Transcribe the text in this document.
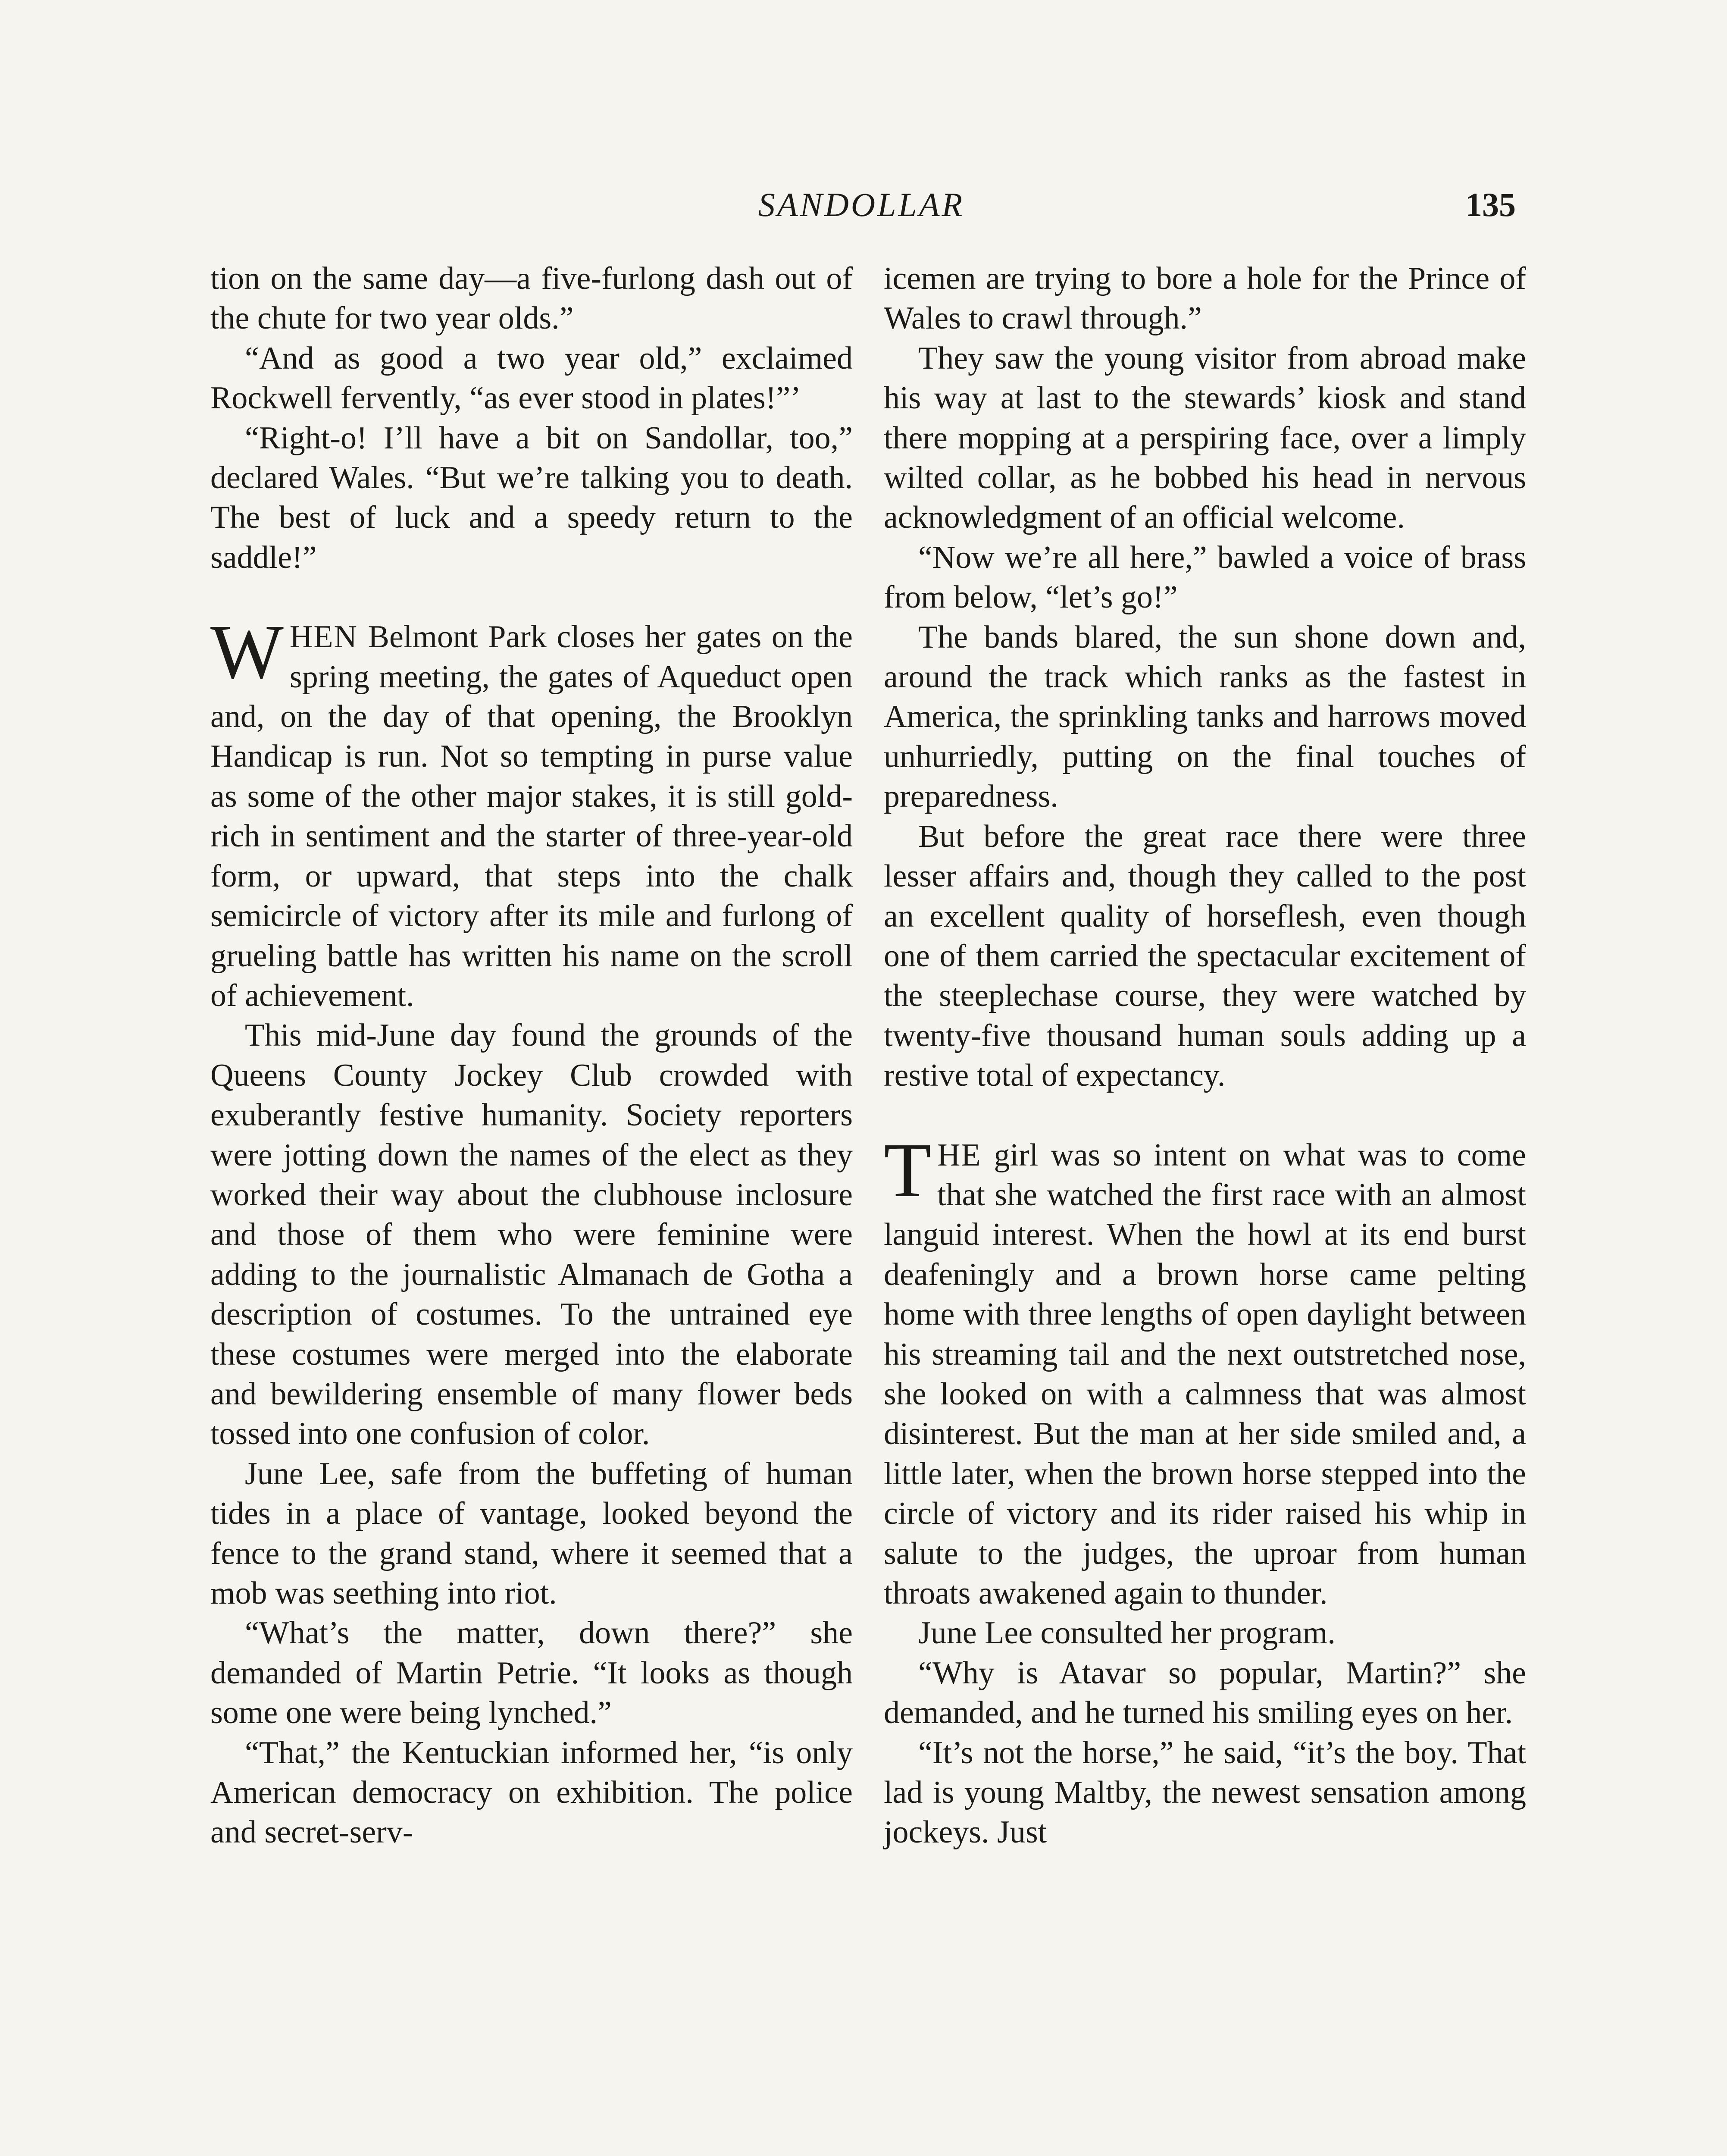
SANDOLLAR	135

tion on the same day—a five-furlong dash out of the chute for two year olds.”

“And as good a two year old,” exclaimed Rockwell fervently, “as ever stood in plates!”’

“Right-o! I’ll have a bit on Sandollar, too,” declared Wales. “But we’re talking you to death. The best of luck and a speedy return to the saddle!”

WHEN Belmont Park closes her gates on the spring meeting, the gates of Aqueduct open and, on the day of that opening, the Brooklyn Handicap is run. Not so tempting in purse value as some of the other major stakes, it is still gold-rich in sentiment and the starter of three-year-old form, or upward, that steps into the chalk semicircle of victory after its mile and furlong of grueling battle has written his name on the scroll of achievement.

This mid-June day found the grounds of the Queens County Jockey Club crowded with exuberantly festive humanity. Society reporters were jotting down the names of the elect as they worked their way about the clubhouse inclosure and those of them who were feminine were adding to the journalistic Almanach de Gotha a description of costumes. To the untrained eye these costumes were merged into the elaborate and bewildering ensemble of many flower beds tossed into one confusion of color.

June Lee, safe from the buffeting of human tides in a place of vantage, looked beyond the fence to the grand stand, where it seemed that a mob was seething into riot.

“What’s the matter, down there?” she demanded of Martin Petrie. “It looks as though some one were being lynched.”

“That,” the Kentuckian informed her, “is only American democracy on exhibition. The police and secret-serv-

icemen are trying to bore a hole for the Prince of Wales to crawl through.”

They saw the young visitor from abroad make his way at last to the stewards’ kiosk and stand there mopping at a perspiring face, over a limply wilted collar, as he bobbed his head in nervous acknowledgment of an official welcome.

“Now we’re all here,” bawled a voice of brass from below, “let’s go!”

The bands blared, the sun shone down and, around the track which ranks as the fastest in America, the sprinkling tanks and harrows moved unhurriedly, putting on the final touches of preparedness.

But before the great race there were three lesser affairs and, though they called to the post an excellent quality of horseflesh, even though one of them carried the spectacular excitement of the steeplechase course, they were watched by twenty-five thousand human souls adding up a restive total of expectancy.

THE girl was so intent on what was to come that she watched the first race with an almost languid interest. When the howl at its end burst deafeningly and a brown horse came pelting home with three lengths of open daylight between his streaming tail and the next outstretched nose, she looked on with a calmness that was almost disinterest. But the man at her side smiled and, a little later, when the brown horse stepped into the circle of victory and its rider raised his whip in salute to the judges, the uproar from human throats awakened again to thunder.

June Lee consulted her program.

“Why is Atavar so popular, Martin?” she demanded, and he turned his smiling eyes on her.

“It’s not the horse,” he said, “it’s the boy. That lad is young Maltby, the newest sensation among jockeys. Just
